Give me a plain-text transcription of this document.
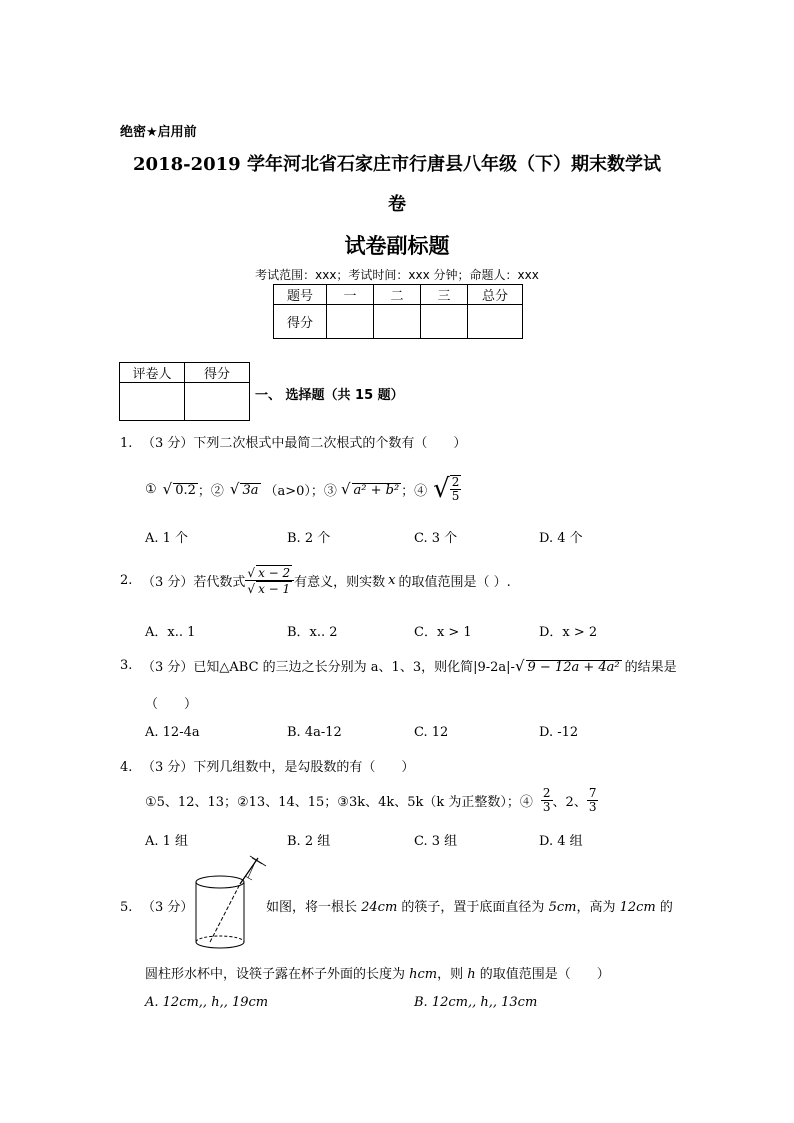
绝密★启用前
2018-2019 学年河北省石家庄市行唐县八年级（下）期末数学试
卷
试卷副标题
考试范围：xxx；考试时间：xxx 分钟；命题人：xxx
题号	一	二	三	总分
得分				
评卷人	得分

一、 选择题（共 15 题）
1. （3 分）下列二次根式中最简二次根式的个数有（　　）
① √ 0.2 ；② √ 3a （a>0）；③ √ a² + b² ；④ √ $\frac{2}{5}$
A. 1 个	B. 2 个	C. 3 个	D. 4 个
2. （3 分）若代数式 $\frac{√ x - 2}{√ x - 1}$ 有意义，则实数 x 的取值范围是（ ）.
A．x.. 1	B．x.. 2	C．x > 1	D．x > 2
3. （3 分）已知△ABC 的三边之长分别为 a、1、3，则化简|9-2a|- √ 9 − 12a + 4a² 的结果是
（　　）
A. 12-4a	B. 4a-12	C. 12	D. -12
4. （3 分）下列几组数中，是勾股数的有（　　）
①5、12、13；②13、14、15；③3k、4k、5k（k 为正整数）；④ $\frac{2}{3}$ 、2、 $\frac{7}{3}$
A. 1 组	B. 2 组	C. 3 组	D. 4 组
5. （3 分）	如图，将一根长 24cm 的筷子，置于底面直径为 5cm，高为 12cm 的
圆柱形水杯中，设筷子露在杯子外面的长度为 hcm，则 h 的取值范围是（　　）
A. 12cm,, h,, 19cm	B. 12cm,, h,, 13cm
